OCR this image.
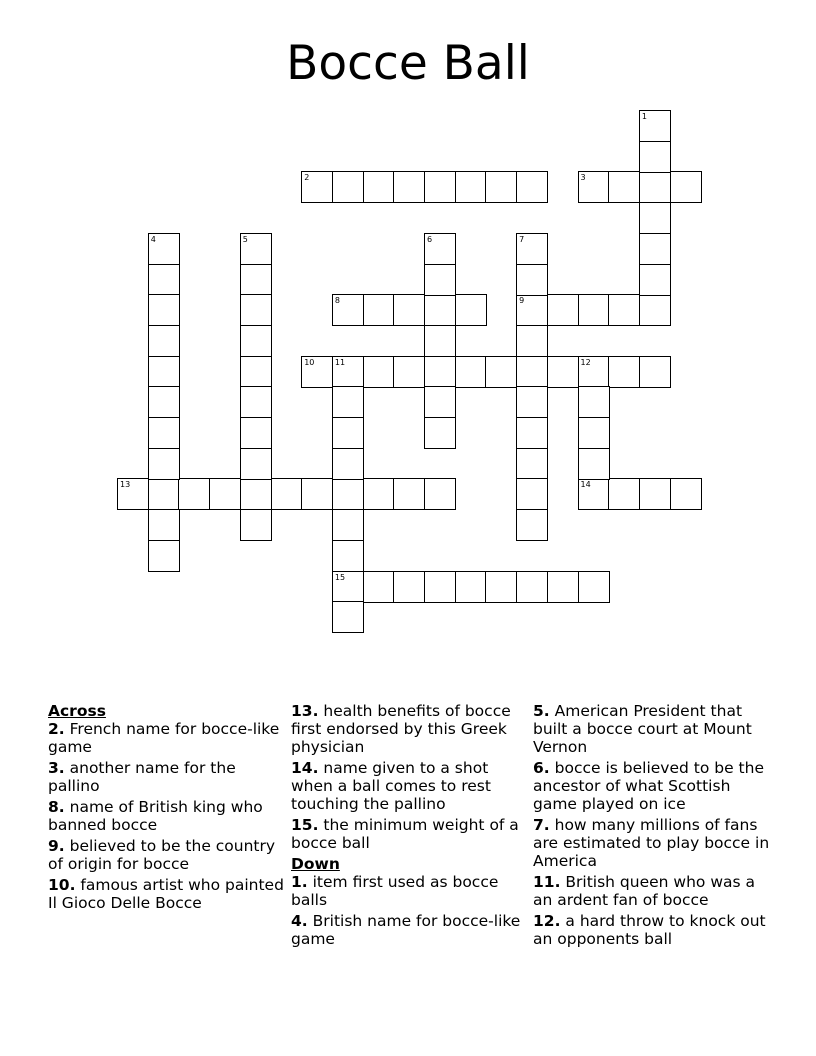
Bocce Ball
2	3
8	9
10	11	12
13	14
15
1
4	5	6	7
Across
2. French name for bocce-like game
3. another name for the pallino
8. name of British king who banned bocce
9. believed to be the country of origin for bocce
10. famous artist who painted Il Gioco Delle Bocce
13. health benefits of bocce first endorsed by this Greek physician
14. name given to a shot when a ball comes to rest touching the pallino
15. the minimum weight of a bocce ball
Down
1. item first used as bocce balls
4. British name for bocce-like game
5. American President that built a bocce court at Mount Vernon
6. bocce is believed to be the ancestor of what Scottish game played on ice
7. how many millions of fans are estimated to play bocce in America
11. British queen who was a an ardent fan of bocce
12. a hard throw to knock out an opponents ball
